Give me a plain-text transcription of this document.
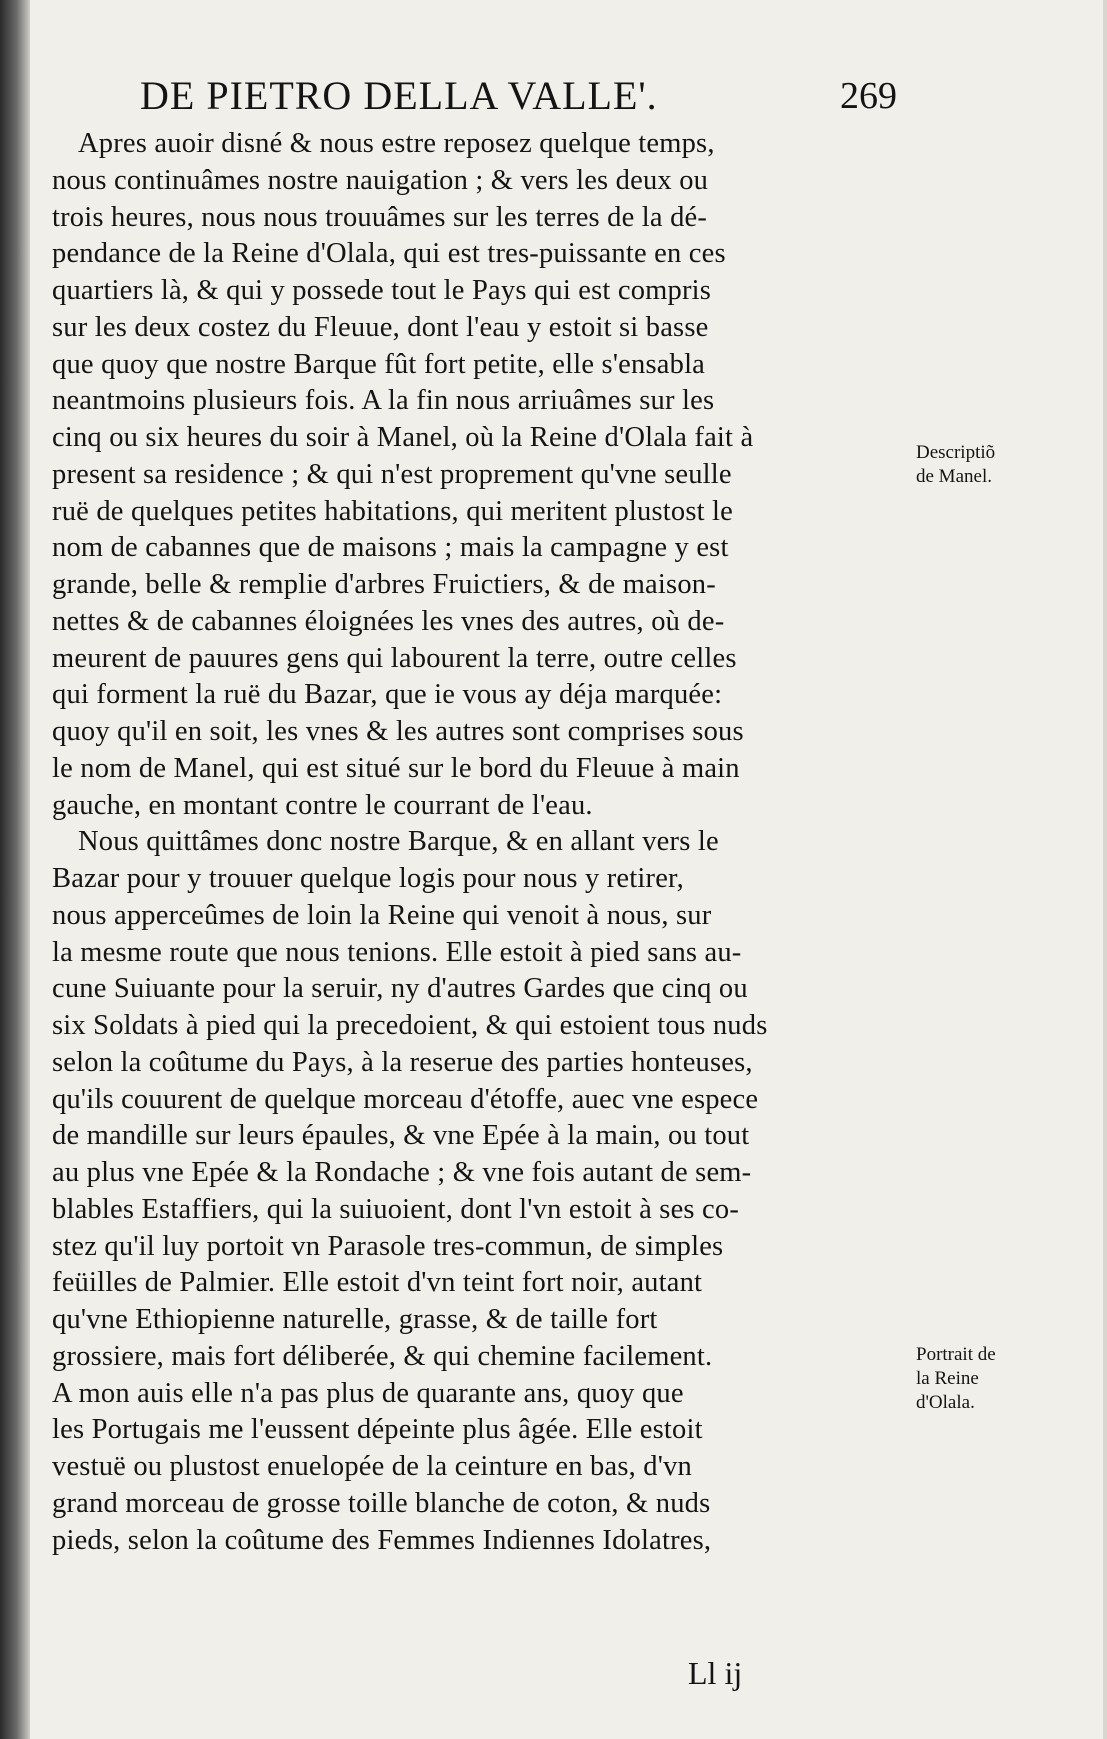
DE PIETRO DELLA VALLE'.	269
Apres auoir disné & nous estre reposez quelque temps,
nous continuâmes nostre nauigation ; & vers les deux ou
trois heures, nous nous trouuâmes sur les terres de la dé-
pendance de la Reine d'Olala, qui est tres-puissante en ces
quartiers là, & qui y possede tout le Pays qui est compris
sur les deux costez du Fleuue, dont l'eau y estoit si basse
que quoy que nostre Barque fût fort petite, elle s'ensabla
neantmoins plusieurs fois. A la fin nous arriuâmes sur les
cinq ou six heures du soir à Manel, où la Reine d'Olala fait à
present sa residence ; & qui n'est proprement qu'vne seulle
ruë de quelques petites habitations, qui meritent plustost le
nom de cabannes que de maisons ; mais la campagne y est
grande, belle & remplie d'arbres Fruictiers, & de maison-
nettes & de cabannes éloignées les vnes des autres, où de-
meurent de pauures gens qui labourent la terre, outre celles
qui forment la ruë du Bazar, que ie vous ay déja marquée:
quoy qu'il en soit, les vnes & les autres sont comprises sous
le nom de Manel, qui est situé sur le bord du Fleuue à main
gauche, en montant contre le courrant de l'eau.
Nous quittâmes donc nostre Barque, & en allant vers le
Bazar pour y trouuer quelque logis pour nous y retirer,
nous apperceûmes de loin la Reine qui venoit à nous, sur
la mesme route que nous tenions. Elle estoit à pied sans au-
cune Suiuante pour la seruir, ny d'autres Gardes que cinq ou
six Soldats à pied qui la precedoient, & qui estoient tous nuds
selon la coûtume du Pays, à la reserue des parties honteuses,
qu'ils couurent de quelque morceau d'étoffe, auec vne espece
de mandille sur leurs épaules, & vne Epée à la main, ou tout
au plus vne Epée & la Rondache ; & vne fois autant de sem-
blables Estaffiers, qui la suiuoient, dont l'vn estoit à ses co-
stez qu'il luy portoit vn Parasole tres-commun, de simples
feüilles de Palmier. Elle estoit d'vn teint fort noir, autant
qu'vne Ethiopienne naturelle, grasse, & de taille fort
grossiere, mais fort déliberée, & qui chemine facilement.
A mon auis elle n'a pas plus de quarante ans, quoy que
les Portugais me l'eussent dépeinte plus âgée. Elle estoit
vestuë ou plustost enuelopée de la ceinture en bas, d'vn
grand morceau de grosse toille blanche de coton, & nuds
pieds, selon la coûtume des Femmes Indiennes Idolatres,
Descriptiõ
de Manel.
Portrait de
la Reine
d'Olala.

Ll ij
